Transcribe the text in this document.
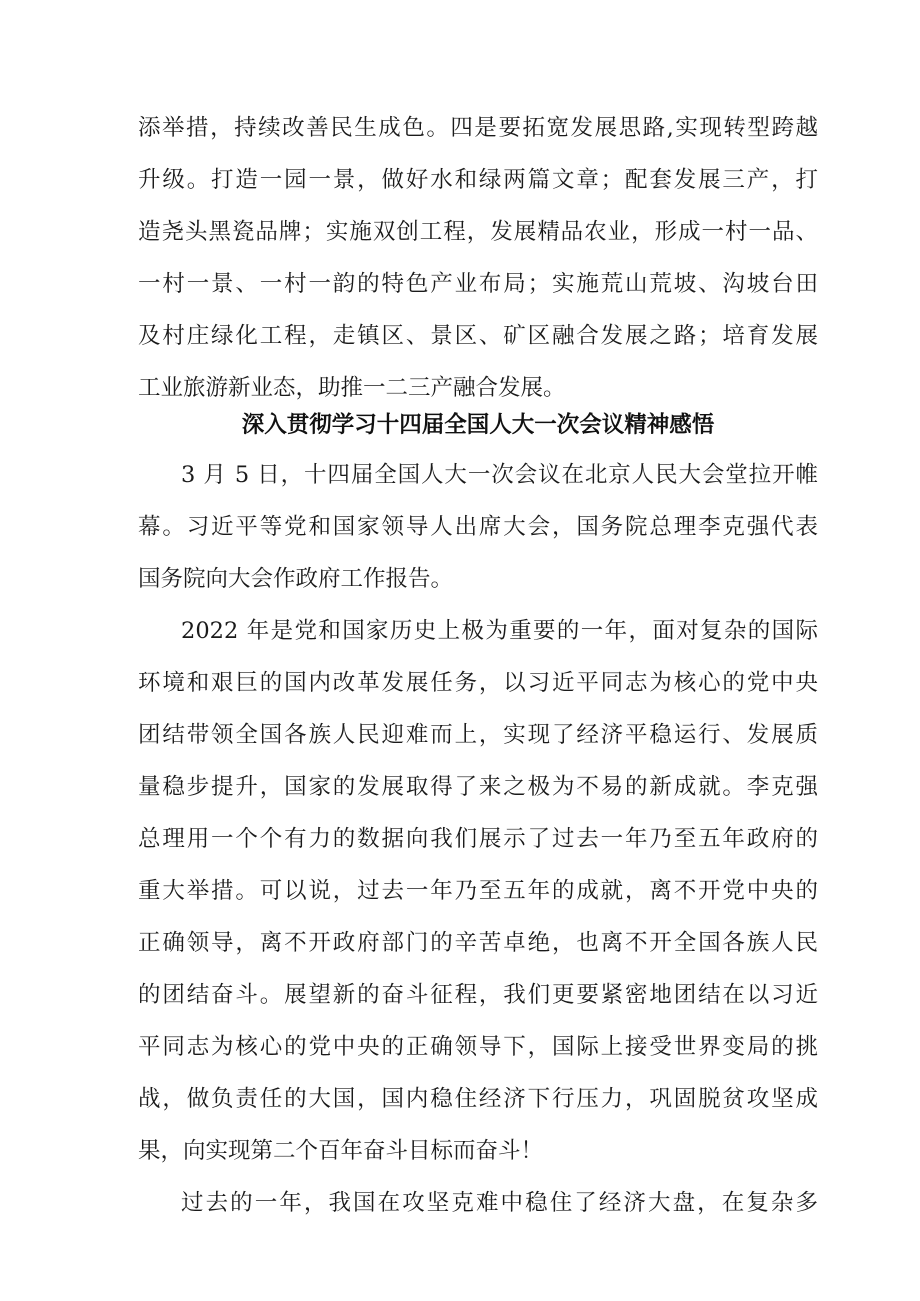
添举措，持续改善民生成色。四是要拓宽发展思路,实现转型跨越
升级。打造一园一景，做好水和绿两篇文章；配套发展三产，打
造尧头黑瓷品牌；实施双创工程，发展精品农业，形成一村一品、
一村一景、一村一韵的特色产业布局；实施荒山荒坡、沟坡台田
及村庄绿化工程，走镇区、景区、矿区融合发展之路；培育发展
工业旅游新业态，助推一二三产融合发展。
深入贯彻学习十四届全国人大一次会议精神感悟
3 月 5 日，十四届全国人大一次会议在北京人民大会堂拉开帷
幕。习近平等党和国家领导人出席大会，国务院总理李克强代表
国务院向大会作政府工作报告。
2022 年是党和国家历史上极为重要的一年，面对复杂的国际
环境和艰巨的国内改革发展任务，以习近平同志为核心的党中央
团结带领全国各族人民迎难而上，实现了经济平稳运行、发展质
量稳步提升，国家的发展取得了来之极为不易的新成就。李克强
总理用一个个有力的数据向我们展示了过去一年乃至五年政府的
重大举措。可以说，过去一年乃至五年的成就，离不开党中央的
正确领导，离不开政府部门的辛苦卓绝，也离不开全国各族人民
的团结奋斗。展望新的奋斗征程，我们更要紧密地团结在以习近
平同志为核心的党中央的正确领导下，国际上接受世界变局的挑
战，做负责任的大国，国内稳住经济下行压力，巩固脱贫攻坚成
果，向实现第二个百年奋斗目标而奋斗！
过去的一年，我国在攻坚克难中稳住了经济大盘，在复杂多
